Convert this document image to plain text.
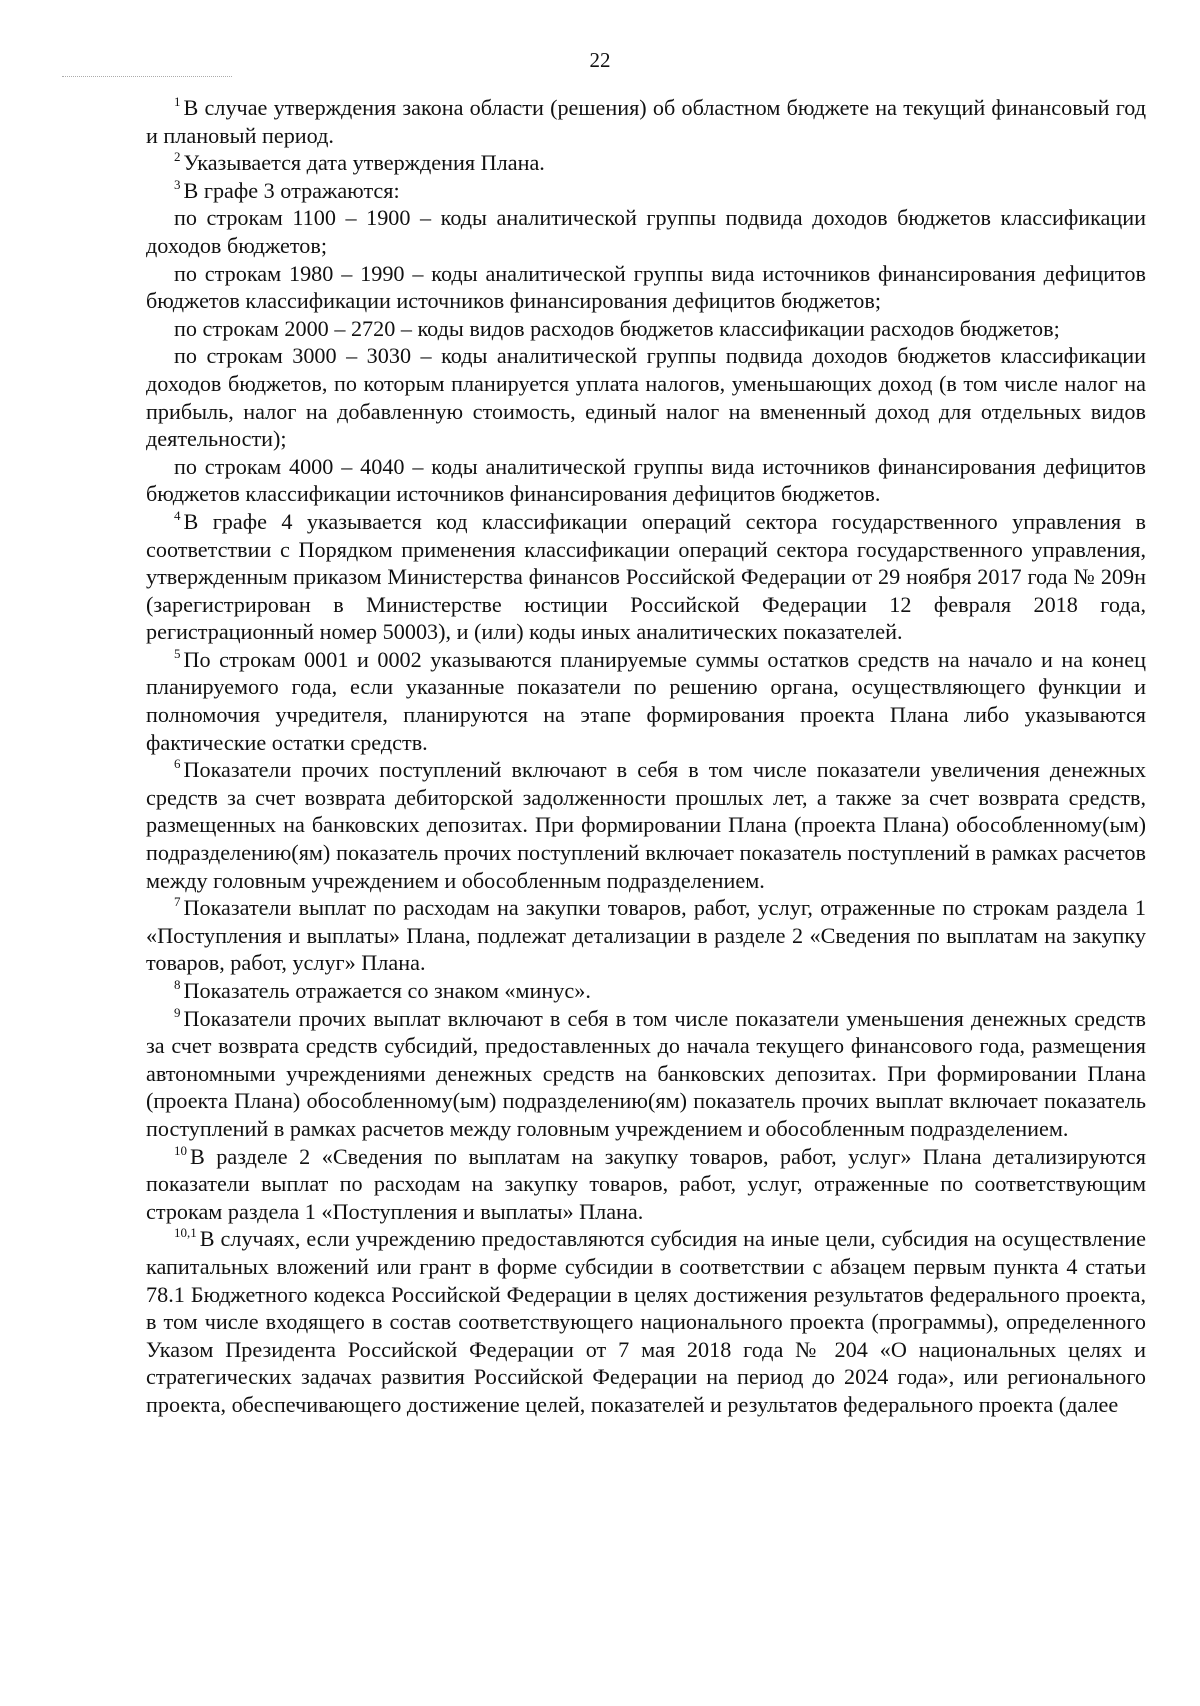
22

$^1$ В случае утверждения закона области (решения) об областном бюджете на текущий финансовый год и плановый период.

$^2$ Указывается дата утверждения Плана.

$^3$ В графе 3 отражаются:

по строкам 1100 – 1900 – коды аналитической группы подвида доходов бюджетов классификации доходов бюджетов;

по строкам 1980 – 1990 – коды аналитической группы вида источников финансирования дефицитов бюджетов классификации источников финансирования дефицитов бюджетов;

по строкам 2000 – 2720 – коды видов расходов бюджетов классификации расходов бюджетов;

по строкам 3000 – 3030 – коды аналитической группы подвида доходов бюджетов классификации доходов бюджетов, по которым планируется уплата налогов, уменьшающих доход (в том числе налог на прибыль, налог на добавленную стоимость, единый налог на вмененный доход для отдельных видов деятельности);

по строкам 4000 – 4040 – коды аналитической группы вида источников финансирования дефицитов бюджетов классификации источников финансирования дефицитов бюджетов.

$^4$ В графе 4 указывается код классификации операций сектора государственного управления в соответствии с Порядком применения классификации операций сектора государственного управления, утвержденным приказом Министерства финансов Российской Федерации от 29 ноября 2017 года № 209н (зарегистрирован в Министерстве юстиции Российской Федерации 12 февраля 2018 года, регистрационный номер 50003), и (или) коды иных аналитических показателей.

$^5$ По строкам 0001 и 0002 указываются планируемые суммы остатков средств на начало и на конец планируемого года, если указанные показатели по решению органа, осуществляющего функции и полномочия учредителя, планируются на этапе формирования проекта Плана либо указываются фактические остатки средств.

$^6$ Показатели прочих поступлений включают в себя в том числе показатели увеличения денежных средств за счет возврата дебиторской задолженности прошлых лет, а также за счет возврата средств, размещенных на банковских депозитах. При формировании Плана (проекта Плана) обособленному(ым) подразделению(ям) показатель прочих поступлений включает показатель поступлений в рамках расчетов между головным учреждением и обособленным подразделением.

$^7$ Показатели выплат по расходам на закупки товаров, работ, услуг, отраженные по строкам раздела 1 «Поступления и выплаты» Плана, подлежат детализации в разделе 2 «Сведения по выплатам на закупку товаров, работ, услуг» Плана.

$^8$ Показатель отражается со знаком «минус».

$^9$ Показатели прочих выплат включают в себя в том числе показатели уменьшения денежных средств за счет возврата средств субсидий, предоставленных до начала текущего финансового года, размещения автономными учреждениями денежных средств на банковских депозитах. При формировании Плана (проекта Плана) обособленному(ым) подразделению(ям) показатель прочих выплат включает показатель поступлений в рамках расчетов между головным учреждением и обособленным подразделением.

$^{10}$ В разделе 2 «Сведения по выплатам на закупку товаров, работ, услуг» Плана детализируются показатели выплат по расходам на закупку товаров, работ, услуг, отраженные по соответствующим строкам раздела 1 «Поступления и выплаты» Плана.

$^{10,1}$ В случаях, если учреждению предоставляются субсидия на иные цели, субсидия на осуществление капитальных вложений или грант в форме субсидии в соответствии с абзацем первым пункта 4 статьи 78.1 Бюджетного кодекса Российской Федерации в целях достижения результатов федерального проекта, в том числе входящего в состав соответствующего национального проекта (программы), определенного Указом Президента Российской Федерации от 7 мая 2018 года № 204 «О национальных целях и стратегических задачах развития Российской Федерации на период до 2024 года», или регионального проекта, обеспечивающего достижение целей, показателей и результатов федерального проекта (далее
